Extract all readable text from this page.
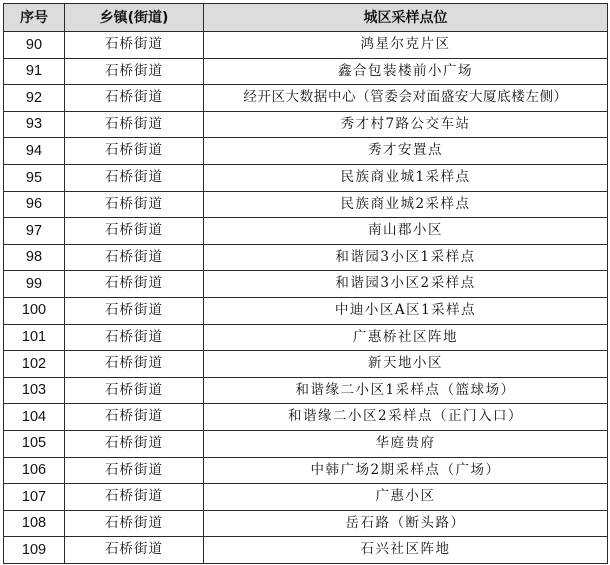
序号	乡镇(街道)	城区采样点位
90	石桥街道	鸿星尔克片区
91	石桥街道	鑫合包装楼前小广场
92	石桥街道	经开区大数据中心（管委会对面盛安大厦底楼左侧）
93	石桥街道	秀才村7路公交车站
94	石桥街道	秀才安置点
95	石桥街道	民族商业城1采样点
96	石桥街道	民族商业城2采样点
97	石桥街道	南山郡小区
98	石桥街道	和谐园3小区1采样点
99	石桥街道	和谐园3小区2采样点
100	石桥街道	中迪小区A区1采样点
101	石桥街道	广惠桥社区阵地
102	石桥街道	新天地小区
103	石桥街道	和谐缘二小区1采样点（篮球场）
104	石桥街道	和谐缘二小区2采样点（正门入口）
105	石桥街道	华庭贵府
106	石桥街道	中韩广场2期采样点（广场）
107	石桥街道	广惠小区
108	石桥街道	岳石路（断头路）
109	石桥街道	石兴社区阵地
